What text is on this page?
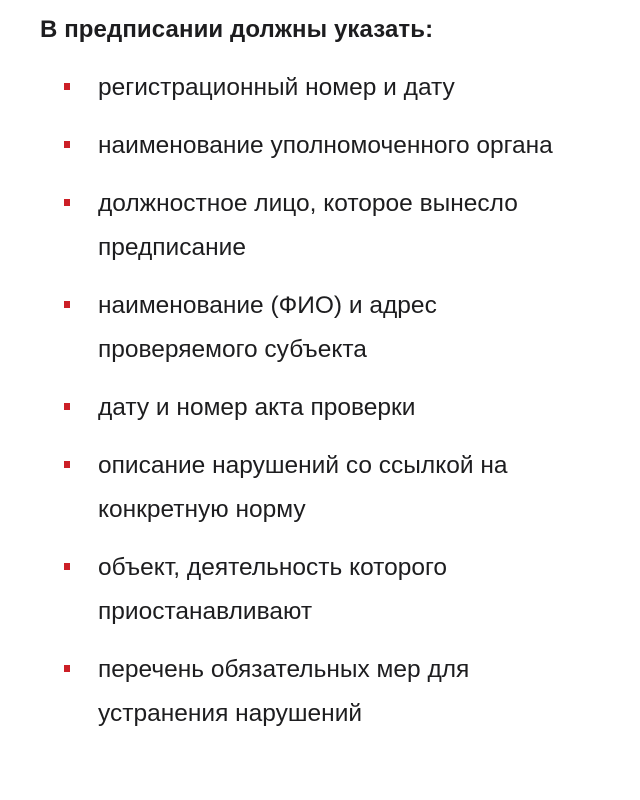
В предписании должны указать:
регистрационный номер и дату
наименование уполномоченного органа
должностное лицо, которое вынесло предписание
наименование (ФИО) и адрес проверяемого субъекта
дату и номер акта проверки
описание нарушений со ссылкой на конкретную норму
объект, деятельность которого приостанавливают
перечень обязательных мер для устранения нарушений
